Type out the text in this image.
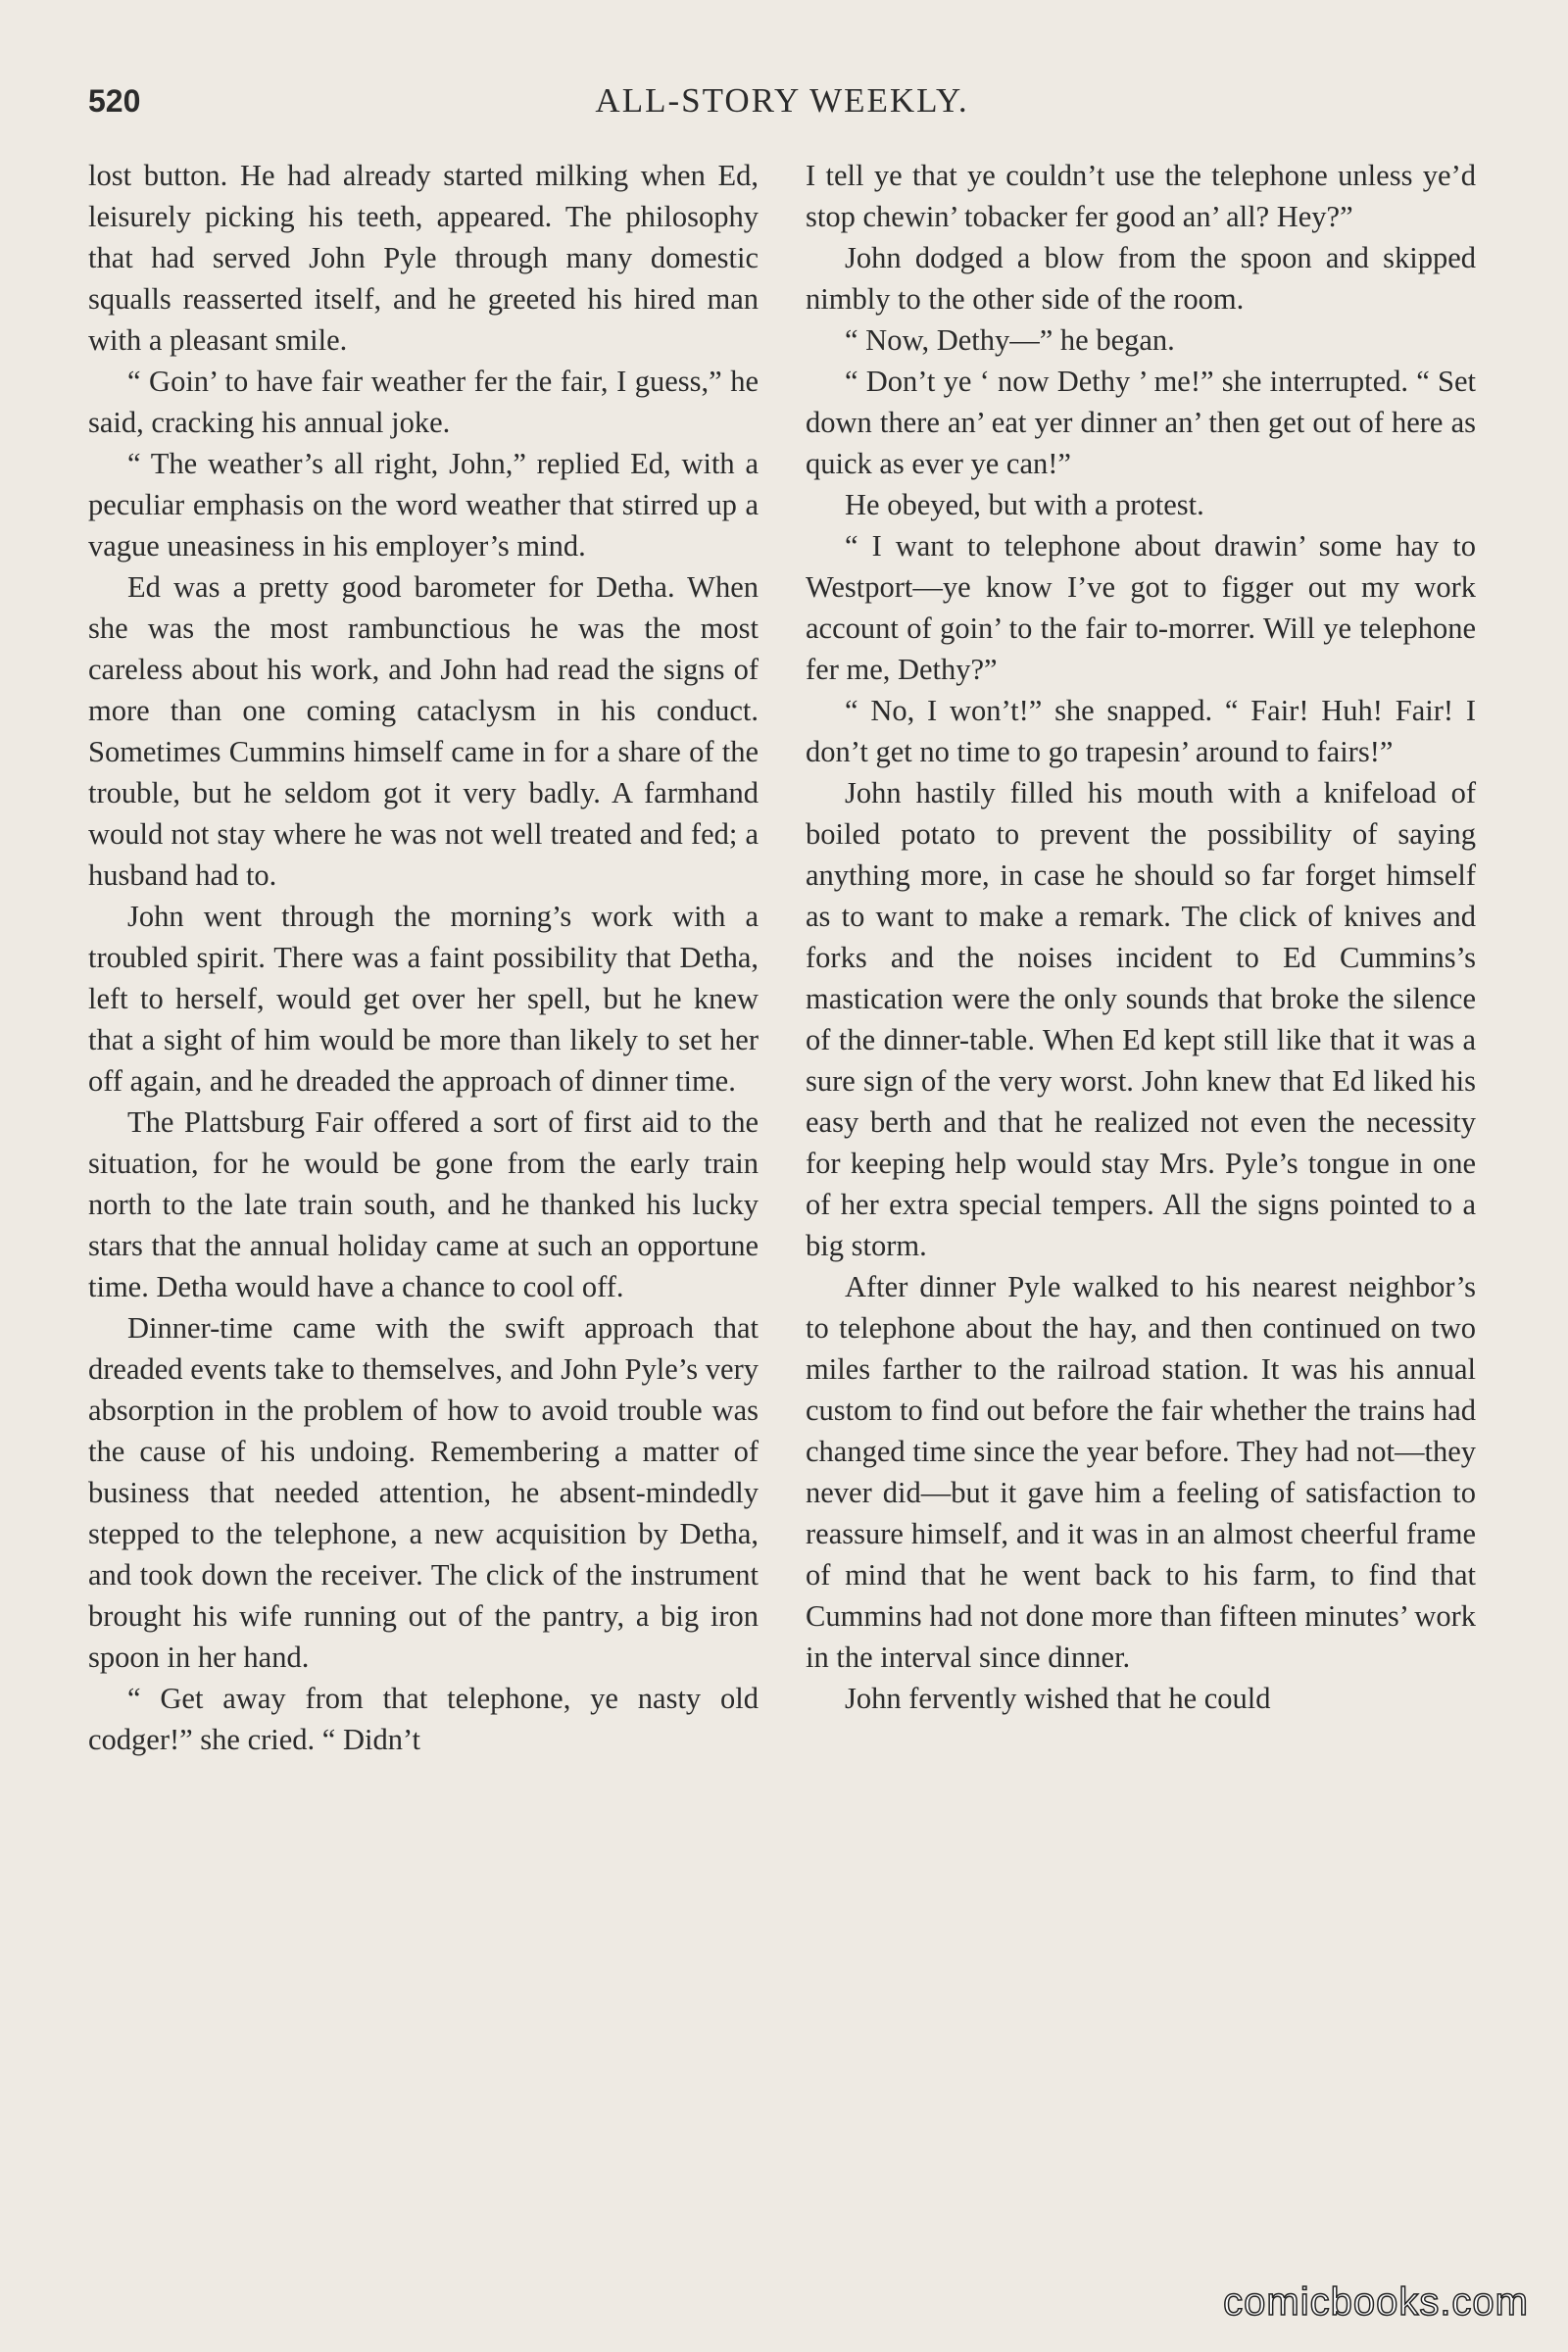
520	ALL-STORY WEEKLY.

lost button. He had already started milking when Ed, leisurely picking his teeth, appeared. The philosophy that had served John Pyle through many domestic squalls reasserted itself, and he greeted his hired man with a pleasant smile.

“ Goin’ to have fair weather fer the fair, I guess,” he said, cracking his annual joke.

“ The weather’s all right, John,” replied Ed, with a peculiar emphasis on the word weather that stirred up a vague uneasiness in his employer’s mind.

Ed was a pretty good barometer for Detha. When she was the most rambunctious he was the most careless about his work, and John had read the signs of more than one coming cataclysm in his conduct. Sometimes Cummins himself came in for a share of the trouble, but he seldom got it very badly. A farmhand would not stay where he was not well treated and fed; a husband had to.

John went through the morning’s work with a troubled spirit. There was a faint possibility that Detha, left to herself, would get over her spell, but he knew that a sight of him would be more than likely to set her off again, and he dreaded the approach of dinner time.

The Plattsburg Fair offered a sort of first aid to the situation, for he would be gone from the early train north to the late train south, and he thanked his lucky stars that the annual holiday came at such an opportune time. Detha would have a chance to cool off.

Dinner-time came with the swift approach that dreaded events take to themselves, and John Pyle’s very absorption in the problem of how to avoid trouble was the cause of his undoing. Remembering a matter of business that needed attention, he absent-mindedly stepped to the telephone, a new acquisition by Detha, and took down the receiver. The click of the instrument brought his wife running out of the pantry, a big iron spoon in her hand.

“ Get away from that telephone, ye nasty old codger!” she cried. “ Didn’t

I tell ye that ye couldn’t use the telephone unless ye’d stop chewin’ tobacker fer good an’ all? Hey?”

John dodged a blow from the spoon and skipped nimbly to the other side of the room.

“ Now, Dethy—” he began.

“ Don’t ye ‘ now Dethy ’ me!” she interrupted. “ Set down there an’ eat yer dinner an’ then get out of here as quick as ever ye can!”

He obeyed, but with a protest.

“ I want to telephone about drawin’ some hay to Westport—ye know I’ve got to figger out my work account of goin’ to the fair to-morrer. Will ye telephone fer me, Dethy?”

“ No, I won’t!” she snapped. “ Fair! Huh! Fair! I don’t get no time to go trapesin’ around to fairs!”

John hastily filled his mouth with a knifeload of boiled potato to prevent the possibility of saying anything more, in case he should so far forget himself as to want to make a remark. The click of knives and forks and the noises incident to Ed Cummins’s mastication were the only sounds that broke the silence of the dinner-table. When Ed kept still like that it was a sure sign of the very worst. John knew that Ed liked his easy berth and that he realized not even the necessity for keeping help would stay Mrs. Pyle’s tongue in one of her extra special tempers. All the signs pointed to a big storm.

After dinner Pyle walked to his nearest neighbor’s to telephone about the hay, and then continued on two miles farther to the railroad station. It was his annual custom to find out before the fair whether the trains had changed time since the year before. They had not—they never did—but it gave him a feeling of satisfaction to reassure himself, and it was in an almost cheerful frame of mind that he went back to his farm, to find that Cummins had not done more than fifteen minutes’ work in the interval since dinner.

John fervently wished that he could

comicbooks.com
